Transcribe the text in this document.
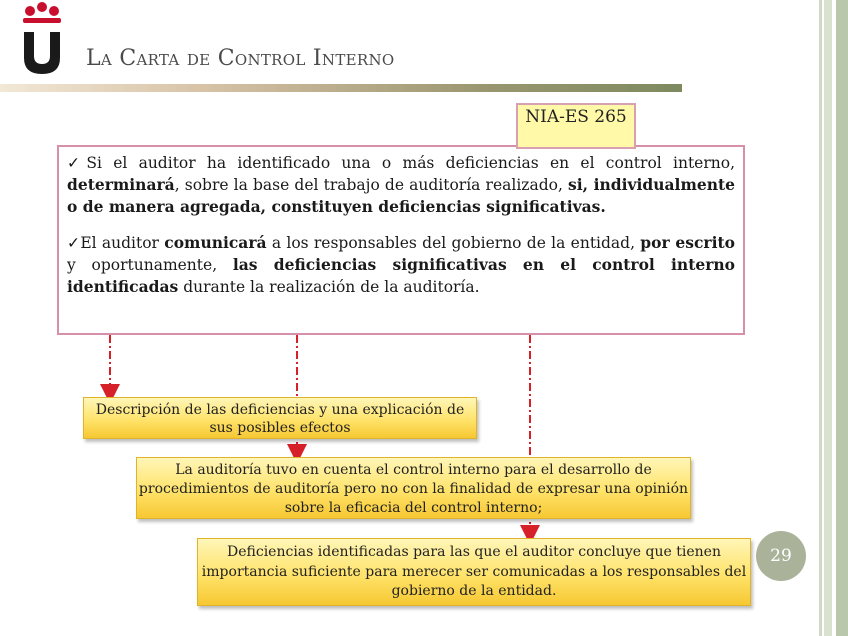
La Carta de Control Interno

✓Si el auditor ha identificado una o más deficiencias en el control interno, determinará, sobre la base del trabajo de auditoría realizado, si, individualmente o de manera agregada, constituyen deficiencias significativas.

✓El auditor comunicará a los responsables del gobierno de la entidad, por escrito y oportunamente, las deficiencias significativas en el control interno identificadas durante la realización de la auditoría.

NIA-ES 265
Descripción de las deficiencias y una explicación de sus posibles efectos
La auditoría tuvo en cuenta el control interno para el desarrollo de procedimientos de auditoría pero no con la finalidad de expresar una opinión sobre la eficacia del control interno;
Deficiencias identificadas para las que el auditor concluye que tienen importancia suficiente para merecer ser comunicadas a los responsables del gobierno de la entidad.
29
